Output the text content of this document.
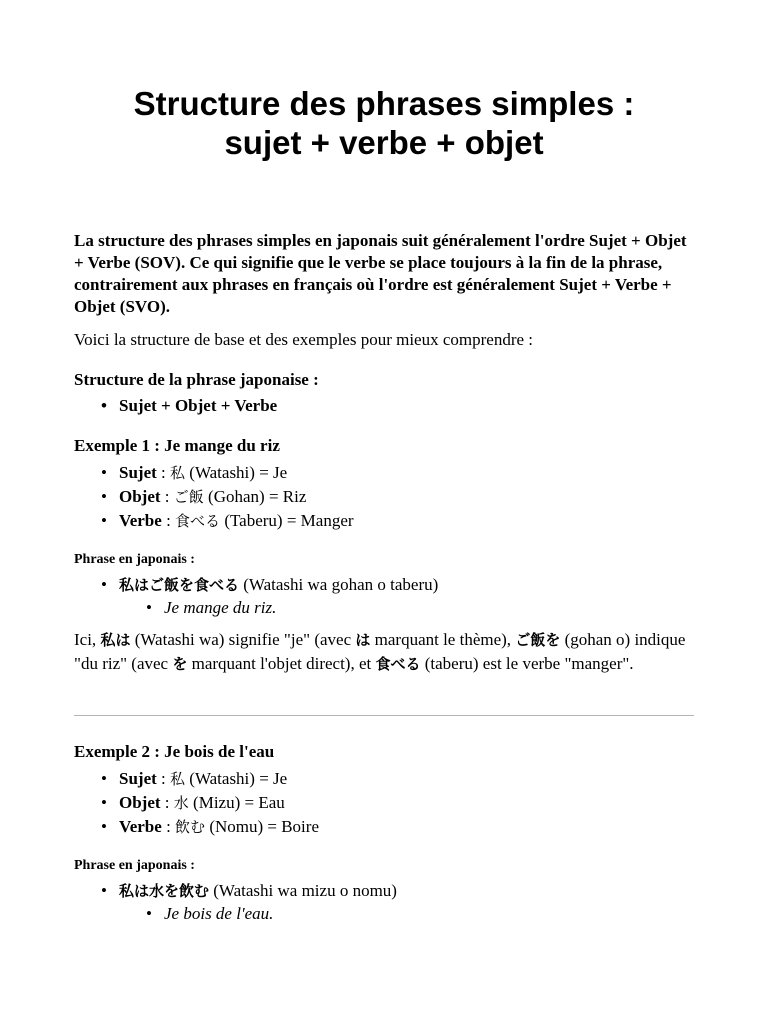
Structure des phrases simples :
sujet + verbe + objet

La structure des phrases simples en japonais suit généralement l'ordre Sujet + Objet + Verbe (SOV). Ce qui signifie que le verbe se place toujours à la fin de la phrase, contrairement aux phrases en français où l'ordre est généralement Sujet + Verbe + Objet (SVO).

Voici la structure de base et des exemples pour mieux comprendre :

Structure de la phrase japonaise :
• Sujet + Objet + Verbe
Exemple 1 : Je mange du riz
• Sujet : 私 (Watashi) = Je
• Objet : ご飯 (Gohan) = Riz
• Verbe : 食べる (Taberu) = Manger
Phrase en japonais :
• 私はご飯を食べる (Watashi wa gohan o taberu)
• Je mange du riz.

Ici, 私は (Watashi wa) signifie "je" (avec は marquant le thème), ご飯を (gohan o) indique "du riz" (avec を marquant l'objet direct), et 食べる (taberu) est le verbe "manger".

Exemple 2 : Je bois de l'eau
• Sujet : 私 (Watashi) = Je
• Objet : 水 (Mizu) = Eau
• Verbe : 飲む (Nomu) = Boire
Phrase en japonais :
• 私は水を飲む (Watashi wa mizu o nomu)
• Je bois de l'eau.
